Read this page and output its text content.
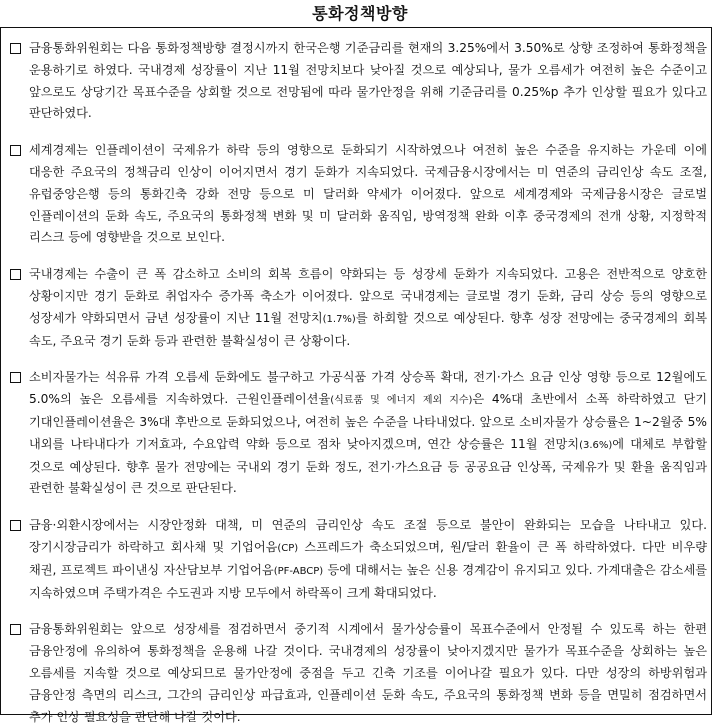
통화정책방향
금융통화위원회는 다음 통화정책방향 결정시까지 한국은행 기준금리를 현재의 3.25%에서 3.50%로 상향 조정하여 통화정책을 운용하기로 하였다. 국내경제 성장률이 지난 11월 전망치보다 낮아질 것으로 예상되나, 물가 오름세가 여전히 높은 수준이고 앞으로도 상당기간 목표수준을 상회할 것으로 전망됨에 따라 물가안정을 위해 기준금리를 0.25%p 추가 인상할 필요가 있다고 판단하였다.
세계경제는 인플레이션이 국제유가 하락 등의 영향으로 둔화되기 시작하였으나 여전히 높은 수준을 유지하는 가운데 이에 대응한 주요국의 정책금리 인상이 이어지면서 경기 둔화가 지속되었다. 국제금융시장에서는 미 연준의 금리인상 속도 조절, 유럽중앙은행 등의 통화긴축 강화 전망 등으로 미 달러화 약세가 이어졌다. 앞으로 세계경제와 국제금융시장은 글로벌 인플레이션의 둔화 속도, 주요국의 통화정책 변화 및 미 달러화 움직임, 방역정책 완화 이후 중국경제의 전개 상황, 지정학적 리스크 등에 영향받을 것으로 보인다.
국내경제는 수출이 큰 폭 감소하고 소비의 회복 흐름이 약화되는 등 성장세 둔화가 지속되었다. 고용은 전반적으로 양호한 상황이지만 경기 둔화로 취업자수 증가폭 축소가 이어졌다. 앞으로 국내경제는 글로벌 경기 둔화, 금리 상승 등의 영향으로 성장세가 약화되면서 금년 성장률이 지난 11월 전망치(1.7%)를 하회할 것으로 예상된다. 향후 성장 전망에는 중국경제의 회복 속도, 주요국 경기 둔화 등과 관련한 불확실성이 큰 상황이다.
소비자물가는 석유류 가격 오름세 둔화에도 불구하고 가공식품 가격 상승폭 확대, 전기·가스 요금 인상 영향 등으로 12월에도 5.0%의 높은 오름세를 지속하였다. 근원인플레이션율(식료품 및 에너지 제외 지수)은 4%대 초반에서 소폭 하락하였고 단기 기대인플레이션율은 3%대 후반으로 둔화되었으나, 여전히 높은 수준을 나타내었다. 앞으로 소비자물가 상승률은 1~2월중 5% 내외를 나타내다가 기저효과, 수요압력 약화 등으로 점차 낮아지겠으며, 연간 상승률은 11월 전망치(3.6%)에 대체로 부합할 것으로 예상된다. 향후 물가 전망에는 국내외 경기 둔화 정도, 전기·가스요금 등 공공요금 인상폭, 국제유가 및 환율 움직임과 관련한 불확실성이 큰 것으로 판단된다.
금융·외환시장에서는 시장안정화 대책, 미 연준의 금리인상 속도 조절 등으로 불안이 완화되는 모습을 나타내고 있다. 장기시장금리가 하락하고 회사채 및 기업어음(CP) 스프레드가 축소되었으며, 원/달러 환율이 큰 폭 하락하였다. 다만 비우량 채권, 프로젝트 파이낸싱 자산담보부 기업어음(PF-ABCP) 등에 대해서는 높은 신용 경계감이 유지되고 있다. 가계대출은 감소세를 지속하였으며 주택가격은 수도권과 지방 모두에서 하락폭이 크게 확대되었다.
금융통화위원회는 앞으로 성장세를 점검하면서 중기적 시계에서 물가상승률이 목표수준에서 안정될 수 있도록 하는 한편 금융안정에 유의하여 통화정책을 운용해 나갈 것이다. 국내경제의 성장률이 낮아지겠지만 물가가 목표수준을 상회하는 높은 오름세를 지속할 것으로 예상되므로 물가안정에 중점을 두고 긴축 기조를 이어나갈 필요가 있다. 다만 성장의 하방위험과 금융안정 측면의 리스크, 그간의 금리인상 파급효과, 인플레이션 둔화 속도, 주요국의 통화정책 변화 등을 면밀히 점검하면서 추가 인상 필요성을 판단해 나갈 것이다.
